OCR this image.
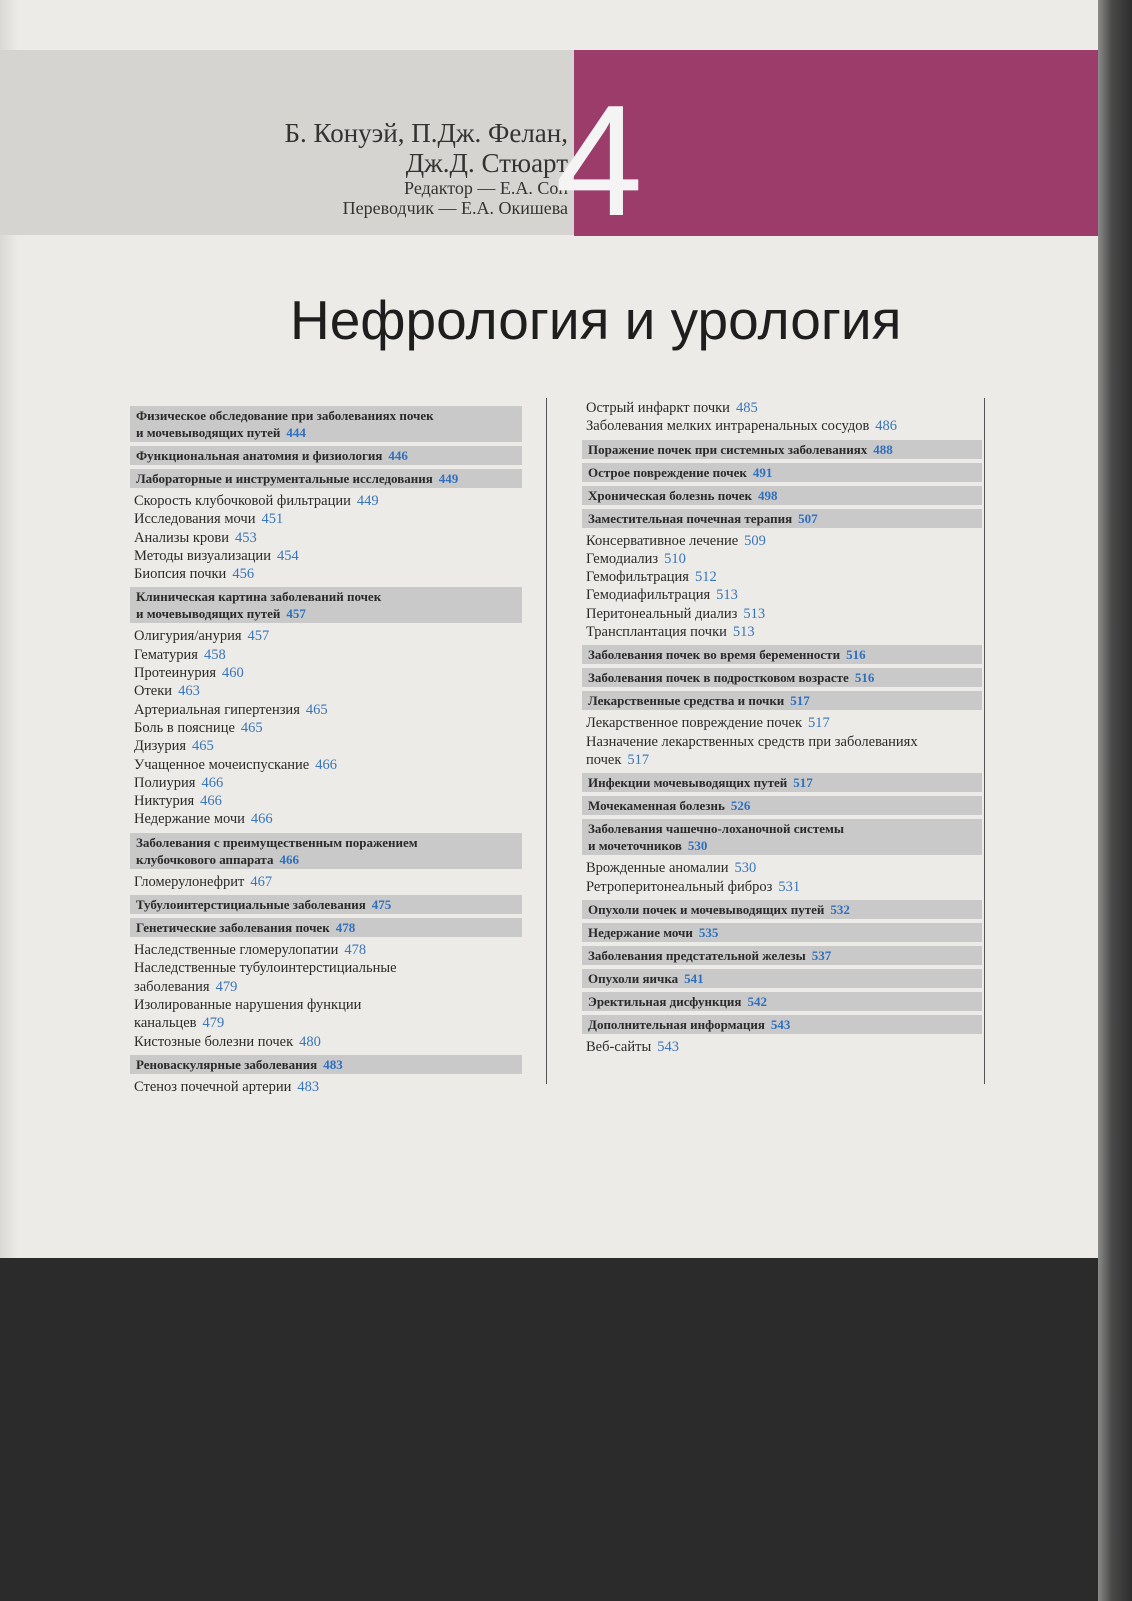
Б. Конуэй, П.Дж. Фелан,
Дж.Д. Стюарт
Редактор — Е.А. Сон
Переводчик — Е.А. Окишева
4
Нефрология и урология
Физическое обследование при заболеваниях почек
и мочевыводящих путей 444
Функциональная анатомия и физиология 446
Лабораторные и инструментальные исследования 449
Скорость клубочковой фильтрации 449
Исследования мочи 451
Анализы крови 453
Методы визуализации 454
Биопсия почки 456
Клиническая картина заболеваний почек
и мочевыводящих путей 457
Олигурия/анурия 457
Гематурия 458
Протеинурия 460
Отеки 463
Артериальная гипертензия 465
Боль в пояснице 465
Дизурия 465
Учащенное мочеиспускание 466
Полиурия 466
Никтурия 466
Недержание мочи 466
Заболевания с преимущественным поражением
клубочкового аппарата 466
Гломерулонефрит 467
Тубулоинтерстициальные заболевания 475
Генетические заболевания почек 478
Наследственные гломерулопатии 478
Наследственные тубулоинтерстициальные
заболевания 479
Изолированные нарушения функции
канальцев 479
Кистозные болезни почек 480
Реноваскулярные заболевания 483
Стеноз почечной артерии 483
Острый инфаркт почки 485
Заболевания мелких интраренальных сосудов 486
Поражение почек при системных заболеваниях 488
Острое повреждение почек 491
Хроническая болезнь почек 498
Заместительная почечная терапия 507
Консервативное лечение 509
Гемодиализ 510
Гемофильтрация 512
Гемодиафильтрация 513
Перитонеальный диализ 513
Трансплантация почки 513
Заболевания почек во время беременности 516
Заболевания почек в подростковом возрасте 516
Лекарственные средства и почки 517
Лекарственное повреждение почек 517
Назначение лекарственных средств при заболеваниях
почек 517
Инфекции мочевыводящих путей 517
Мочекаменная болезнь 526
Заболевания чашечно-лоханочной системы
и мочеточников 530
Врожденные аномалии 530
Ретроперитонеальный фиброз 531
Опухоли почек и мочевыводящих путей 532
Недержание мочи 535
Заболевания предстательной железы 537
Опухоли яичка 541
Эректильная дисфункция 542
Дополнительная информация 543
Веб-сайты 543
